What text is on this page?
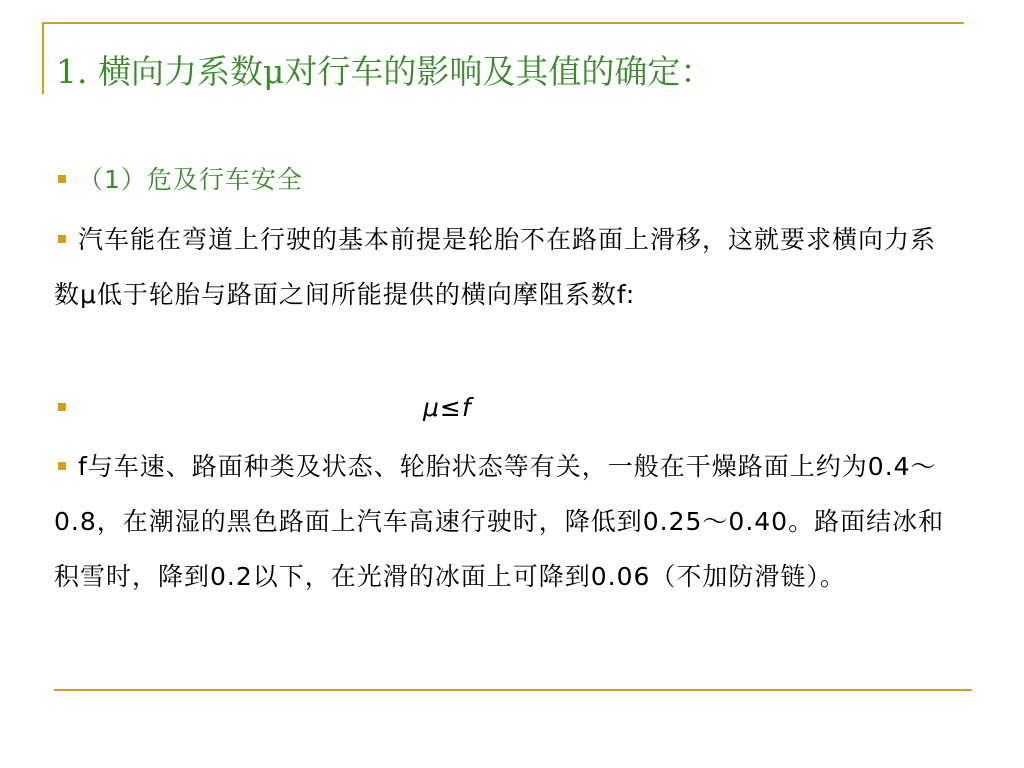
1. 横向力系数μ对行车的影响及其值的确定：
（1）危及行车安全
汽车能在弯道上行驶的基本前提是轮胎不在路面上滑移，这就要求横向力系数μ低于轮胎与路面之间所能提供的横向摩阻系数f:
μ≤f
f与车速、路面种类及状态、轮胎状态等有关，一般在干燥路面上约为0.4～0.8，在潮湿的黑色路面上汽车高速行驶时，降低到0.25～0.40。路面结冰和积雪时，降到0.2以下，在光滑的冰面上可降到0.06（不加防滑链）。
